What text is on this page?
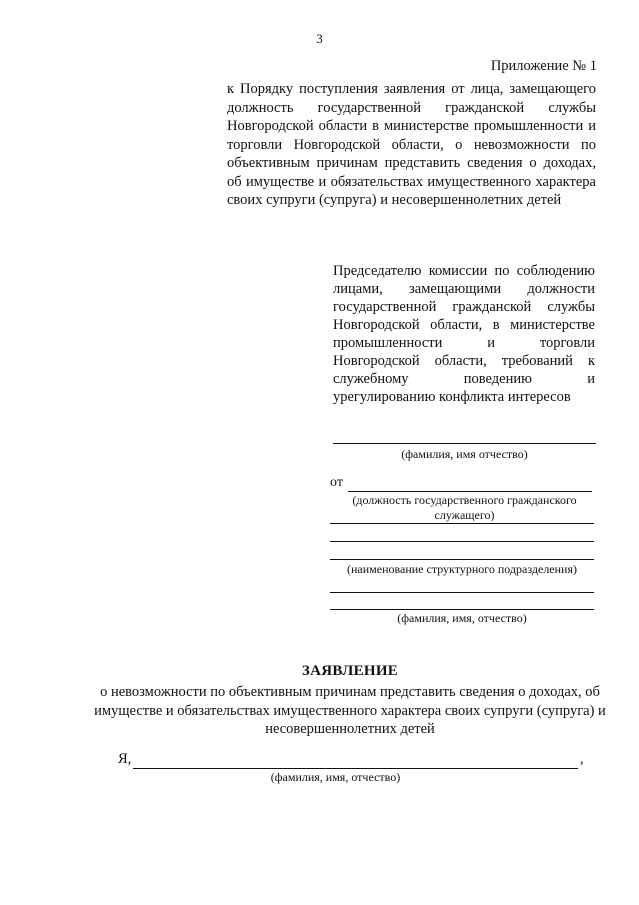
3
Приложение № 1
к Порядку поступления заявления от лица, замещающего должность государственной гражданской службы Новгородской области в министерстве промышленности и торговли Новгородской области, о невозможности по объективным причинам представить сведения о доходах, об имуществе и обязательствах имущественного характера своих супруги (супруга) и несовершеннолетних детей
Председателю комиссии по соблюдению лицами, замещающими должности государственной гражданской службы Новгородской области, в министерстве промышленности и торговли Новгородской области, требований к служебному поведению и урегулированию конфликта интересов
(фамилия, имя отчество)
от
(должность государственного гражданского служащего)
(наименование структурного подразделения)
(фамилия, имя, отчество)
ЗАЯВЛЕНИЕ
о невозможности по объективным причинам представить сведения о доходах, об имуществе и обязательствах имущественного характера своих супруги (супруга) и несовершеннолетних детей
Я,	,
(фамилия, имя, отчество)
